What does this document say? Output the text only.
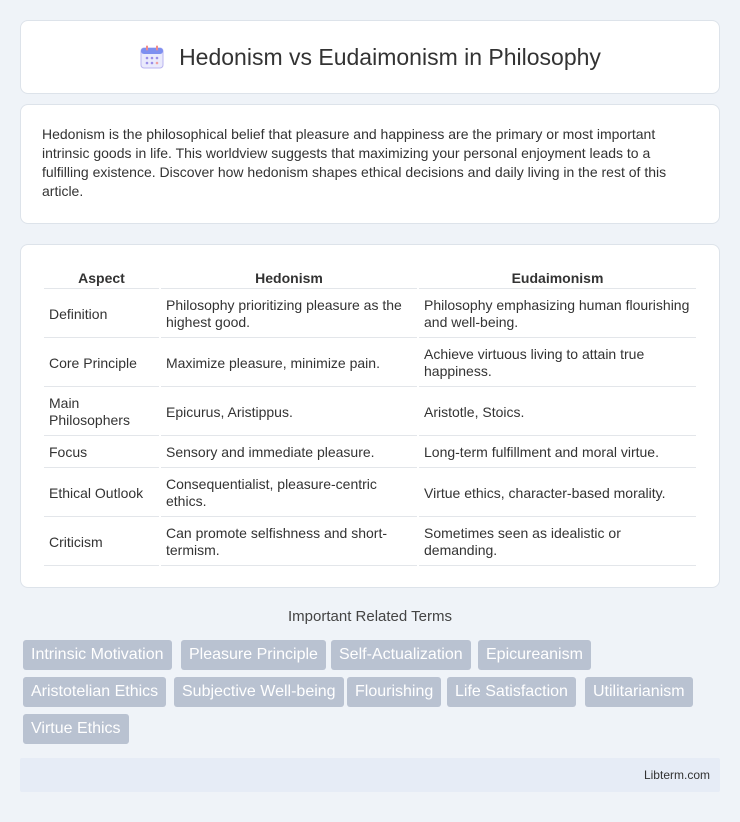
Hedonism vs Eudaimonism in Philosophy

Hedonism is the philosophical belief that pleasure and happiness are the primary or most important intrinsic goods in life. This worldview suggests that maximizing your personal enjoyment leads to a fulfilling existence. Discover how hedonism shapes ethical decisions and daily living in the rest of this article.

Aspect	Hedonism	Eudaimonism
Definition	Philosophy prioritizing pleasure as the highest good.	Philosophy emphasizing human flourishing and well-being.
Core Principle	Maximize pleasure, minimize pain.	Achieve virtuous living to attain true happiness.
Main Philosophers	Epicurus, Aristippus.	Aristotle, Stoics.
Focus	Sensory and immediate pleasure.	Long-term fulfillment and moral virtue.
Ethical Outlook	Consequentialist, pleasure-centric ethics.	Virtue ethics, character-based morality.
Criticism	Can promote selfishness and short-termism.	Sometimes seen as idealistic or demanding.
Important Related Terms
Intrinsic Motivation	Pleasure Principle	Self-Actualization	Epicureanism
Aristotelian Ethics	Subjective Well-being	Flourishing	Life Satisfaction	Utilitarianism
Virtue Ethics
Libterm.com
